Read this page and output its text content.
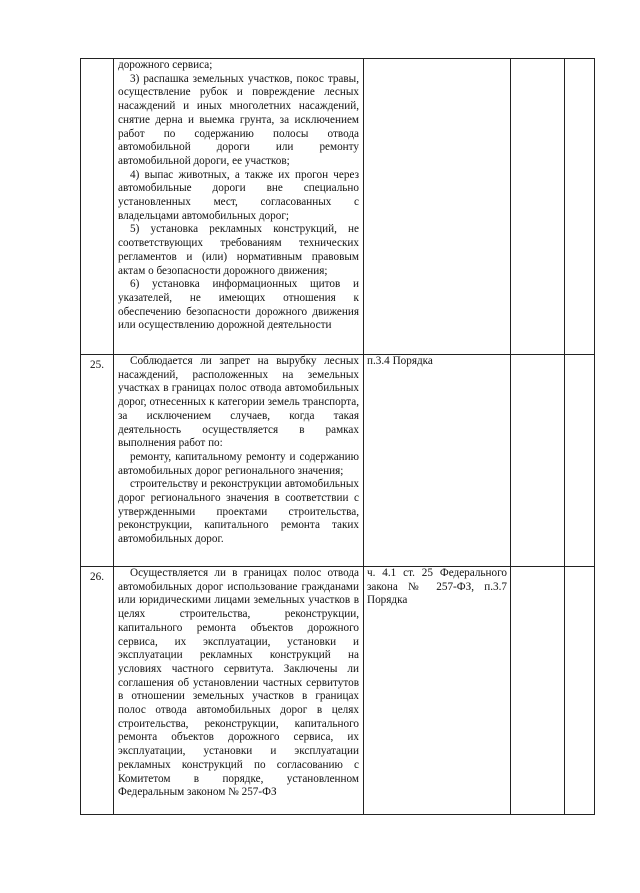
	дорожного сервиса;

3) распашка земельных участков, покос травы, осуществление рубок и повреждение лесных насаждений и иных многолетних насаждений, снятие дерна и выемка грунта, за исключением работ по содержанию полосы отвода автомобильной дороги или ремонту автомобильной дороги, ее участков;

4) выпас животных, а также их прогон через автомобильные дороги вне специально установленных мест, согласованных с владельцами автомобильных дорог;

5) установка рекламных конструкций, не соответствующих требованиям технических регламентов и (или) нормативным правовым актам о безопасности дорожного движения;

6) установка информационных щитов и указателей, не имеющих отношения к обеспечению безопасности дорожного движения или осуществлению дорожной деятельности			

25.	Соблюдается ли запрет на вырубку лесных насаждений, расположенных на земельных участках в границах полос отвода автомобильных дорог, отнесенных к категории земель транспорта, за исключением случаев, когда такая деятельность осуществляется в рамках выполнения работ по:

ремонту, капитальному ремонту и содержанию автомобильных дорог регионального значения;

строительству и реконструкции автомобильных дорог регионального значения в соответствии с утвержденными проектами строительства, реконструкции, капитального ремонта таких автомобильных дорог.	п.3.4 Порядка		

26.	Осуществляется ли в границах полос отвода автомобильных дорог использование гражданами или юридическими лицами земельных участков в целях строительства, реконструкции, капитального ремонта объектов дорожного сервиса, их эксплуатации, установки и эксплуатации рекламных конструкций на условиях частного сервитута. Заключены ли соглашения об установлении частных сервитутов в отношении земельных участков в границах полос отвода автомобильных дорог в целях строительства, реконструкции, капитального ремонта объектов дорожного сервиса, их эксплуатации, установки и эксплуатации рекламных конструкций по согласованию с Комитетом в порядке, установленном Федеральным законом № 257-ФЗ	ч. 4.1 ст. 25 Федерального закона № 257-ФЗ, п.3.7 Порядка		
